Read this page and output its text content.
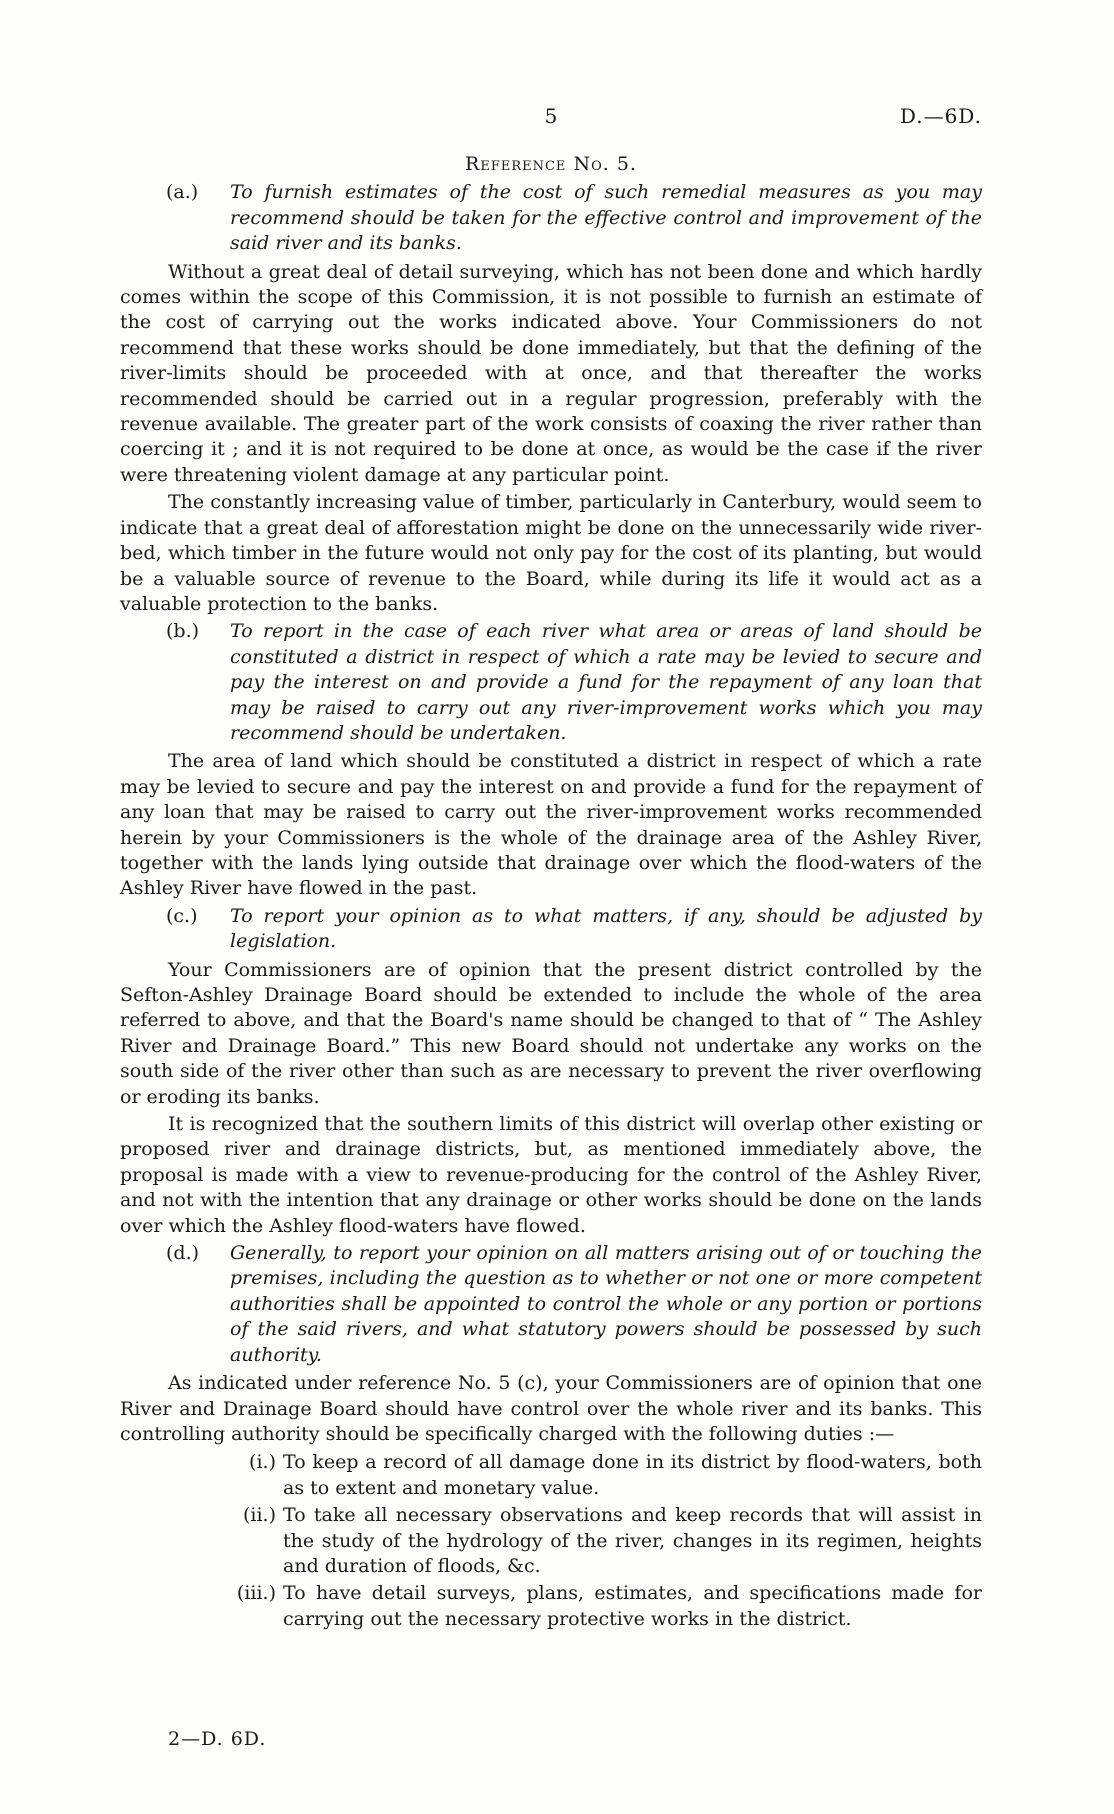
5	D.—6D.
Reference No. 5.
(a.) To furnish estimates of the cost of such remedial measures as you may recommend should be taken for the effective control and improvement of the said river and its banks.

Without a great deal of detail surveying, which has not been done and which hardly comes within the scope of this Commission, it is not possible to furnish an estimate of the cost of carrying out the works indicated above. Your Commissioners do not recommend that these works should be done immediately, but that the defining of the river-limits should be proceeded with at once, and that thereafter the works recommended should be carried out in a regular progression, preferably with the revenue available. The greater part of the work consists of coaxing the river rather than coercing it ; and it is not required to be done at once, as would be the case if the river were threatening violent damage at any particular point.

The constantly increasing value of timber, particularly in Canterbury, would seem to indicate that a great deal of afforestation might be done on the unnecessarily wide river-bed, which timber in the future would not only pay for the cost of its planting, but would be a valuable source of revenue to the Board, while during its life it would act as a valuable protection to the banks.

(b.) To report in the case of each river what area or areas of land should be constituted a district in respect of which a rate may be levied to secure and pay the interest on and provide a fund for the repayment of any loan that may be raised to carry out any river-improvement works which you may recommend should be undertaken.

The area of land which should be constituted a district in respect of which a rate may be levied to secure and pay the interest on and provide a fund for the repayment of any loan that may be raised to carry out the river-improvement works recommended herein by your Commissioners is the whole of the drainage area of the Ashley River, together with the lands lying outside that drainage over which the flood-waters of the Ashley River have flowed in the past.

(c.) To report your opinion as to what matters, if any, should be adjusted by legislation.

Your Commissioners are of opinion that the present district controlled by the Sefton-Ashley Drainage Board should be extended to include the whole of the area referred to above, and that the Board's name should be changed to that of “ The Ashley River and Drainage Board.” This new Board should not undertake any works on the south side of the river other than such as are necessary to prevent the river overflowing or eroding its banks.

It is recognized that the southern limits of this district will overlap other existing or proposed river and drainage districts, but, as mentioned immediately above, the proposal is made with a view to revenue-producing for the control of the Ashley River, and not with the intention that any drainage or other works should be done on the lands over which the Ashley flood-waters have flowed.

(d.) Generally, to report your opinion on all matters arising out of or touching the premises, including the question as to whether or not one or more competent authorities shall be appointed to control the whole or any portion or portions of the said rivers, and what statutory powers should be possessed by such authority.

As indicated under reference No. 5 (c), your Commissioners are of opinion that one River and Drainage Board should have control over the whole river and its banks. This controlling authority should be specifically charged with the following duties :—

(i.) To keep a record of all damage done in its district by flood-waters, both as to extent and monetary value.
(ii.) To take all necessary observations and keep records that will assist in the study of the hydrology of the river, changes in its regimen, heights and duration of floods, &c.
(iii.) To have detail surveys, plans, estimates, and specifications made for carrying out the necessary protective works in the district.
2—D. 6D.
